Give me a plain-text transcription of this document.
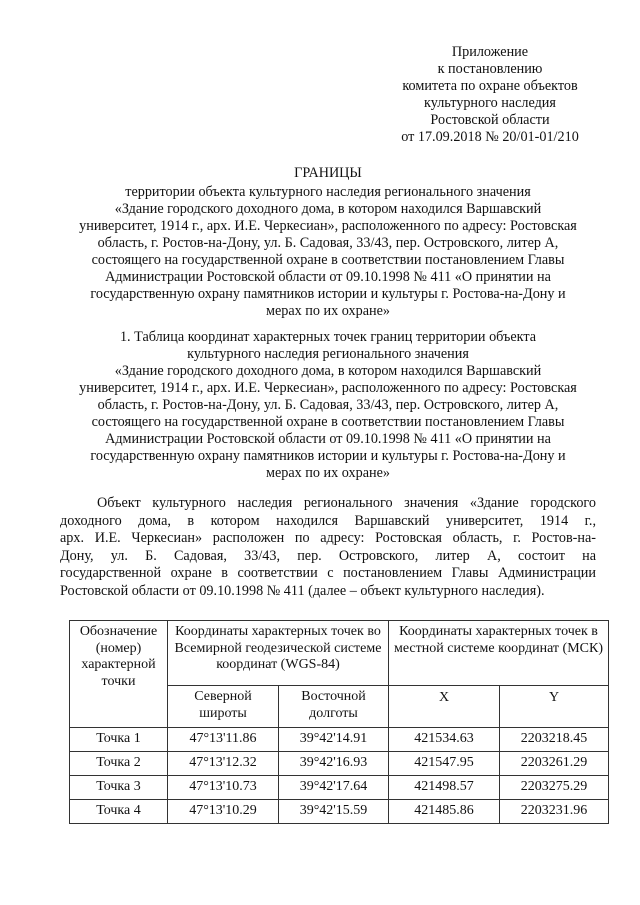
Приложение
к постановлению
комитета по охране объектов
культурного наследия
Ростовской области
от 17.09.2018 № 20/01-01/210
ГРАНИЦЫ
территории объекта культурного наследия регионального значения
«Здание городского доходного дома, в котором находился Варшавский
университет, 1914 г., арх. И.Е. Черкесиан», расположенного по адресу: Ростовская
область, г. Ростов-на-Дону, ул. Б. Садовая, 33/43, пер. Островского, литер А,
состоящего на государственной охране в соответствии постановлением Главы
Администрации Ростовской области от 09.10.1998 № 411 «О принятии на
государственную охрану памятников истории и культуры г. Ростова-на-Дону и
мерах по их охране»
1. Таблица координат характерных точек границ территории объекта
культурного наследия регионального значения
«Здание городского доходного дома, в котором находился Варшавский
университет, 1914 г., арх. И.Е. Черкесиан», расположенного по адресу: Ростовская
область, г. Ростов-на-Дону, ул. Б. Садовая, 33/43, пер. Островского, литер А,
состоящего на государственной охране в соответствии постановлением Главы
Администрации Ростовской области от 09.10.1998 № 411 «О принятии на
государственную охрану памятников истории и культуры г. Ростова-на-Дону и
мерах по их охране»
Объект культурного наследия регионального значения «Здание городского
доходного дома, в котором находился Варшавский университет, 1914 г.,
арх. И.Е. Черкесиан» расположен по адресу: Ростовская область, г. Ростов-на-
Дону, ул. Б. Садовая, 33/43, пер. Островского, литер А, состоит на
государственной охране в соответствии с постановлением Главы Администрации
Ростовской области от 09.10.1998 № 411 (далее – объект культурного наследия).
Обозначение (номер) характерной точки	Координаты характерных точек во Всемирной геодезической системе координат (WGS-84)		Координаты характерных точек в местной системе координат (МСК)	
	Северной широты	Восточной долготы	X	Y
Точка 1	47°13'11.86	39°42'14.91	421534.63	2203218.45
Точка 2	47°13'12.32	39°42'16.93	421547.95	2203261.29
Точка 3	47°13'10.73	39°42'17.64	421498.57	2203275.29
Точка 4	47°13'10.29	39°42'15.59	421485.86	2203231.96
